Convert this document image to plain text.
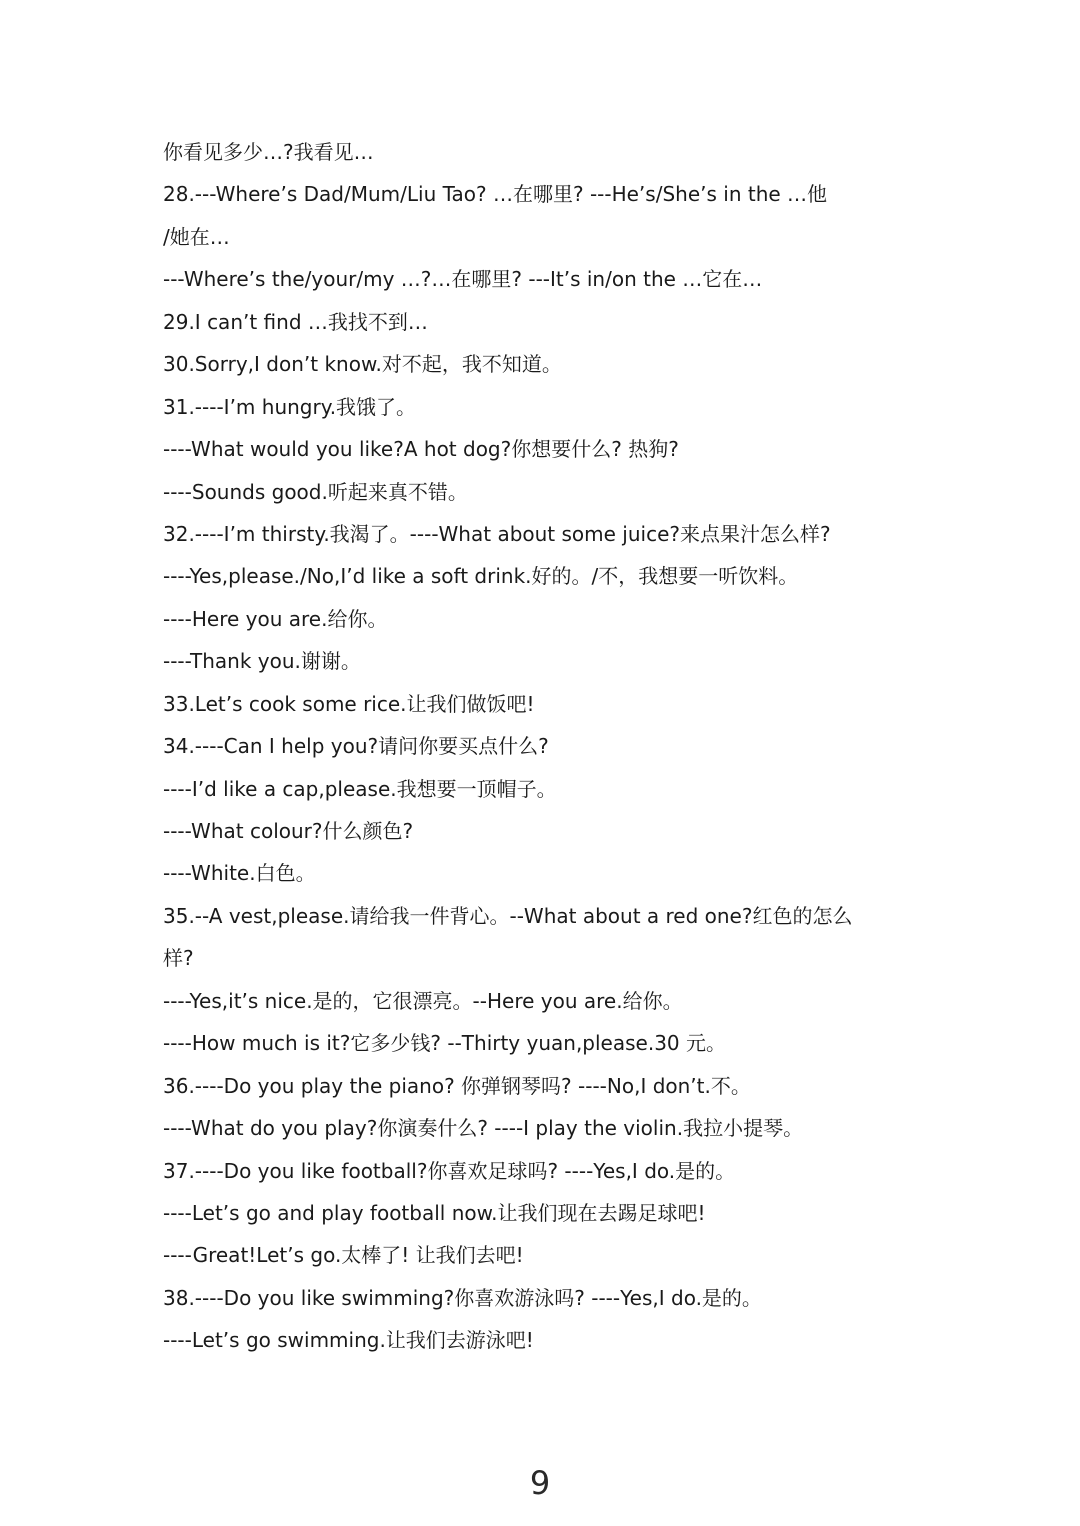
你看见多少…?我看见…
28.---Where’s Dad/Mum/Liu Tao? …在哪里? ---He’s/She’s in the …他
/她在…
---Where’s the/your/my …?…在哪里? ---It’s in/on the …它在…
29.I can’t find …我找不到…
30.Sorry,I don’t know.对不起，我不知道。
31.----I’m hungry.我饿了。
----What would you like?A hot dog?你想要什么? 热狗?
----Sounds good.听起来真不错。
32.----I’m thirsty.我渴了。----What about some juice?来点果汁怎么样?
----Yes,please./No,I’d like a soft drink.好的。/不，我想要一听饮料。
----Here you are.给你。
----Thank you.谢谢。
33.Let’s cook some rice.让我们做饭吧!
34.----Can I help you?请问你要买点什么?
----I’d like a cap,please.我想要一顶帽子。
----What colour?什么颜色?
----White.白色。
35.--A vest,please.请给我一件背心。--What about a red one?红色的怎么
样?
----Yes,it’s nice.是的，它很漂亮。--Here you are.给你。
----How much is it?它多少钱? --Thirty yuan,please.30 元。
36.----Do you play the piano? 你弹钢琴吗? ----No,I don’t.不。
----What do you play?你演奏什么? ----I play the violin.我拉小提琴。
37.----Do you like football?你喜欢足球吗? ----Yes,I do.是的。
----Let’s go and play football now.让我们现在去踢足球吧!
----Great!Let’s go.太棒了! 让我们去吧!
38.----Do you like swimming?你喜欢游泳吗? ----Yes,I do.是的。
----Let’s go swimming.让我们去游泳吧!
9
